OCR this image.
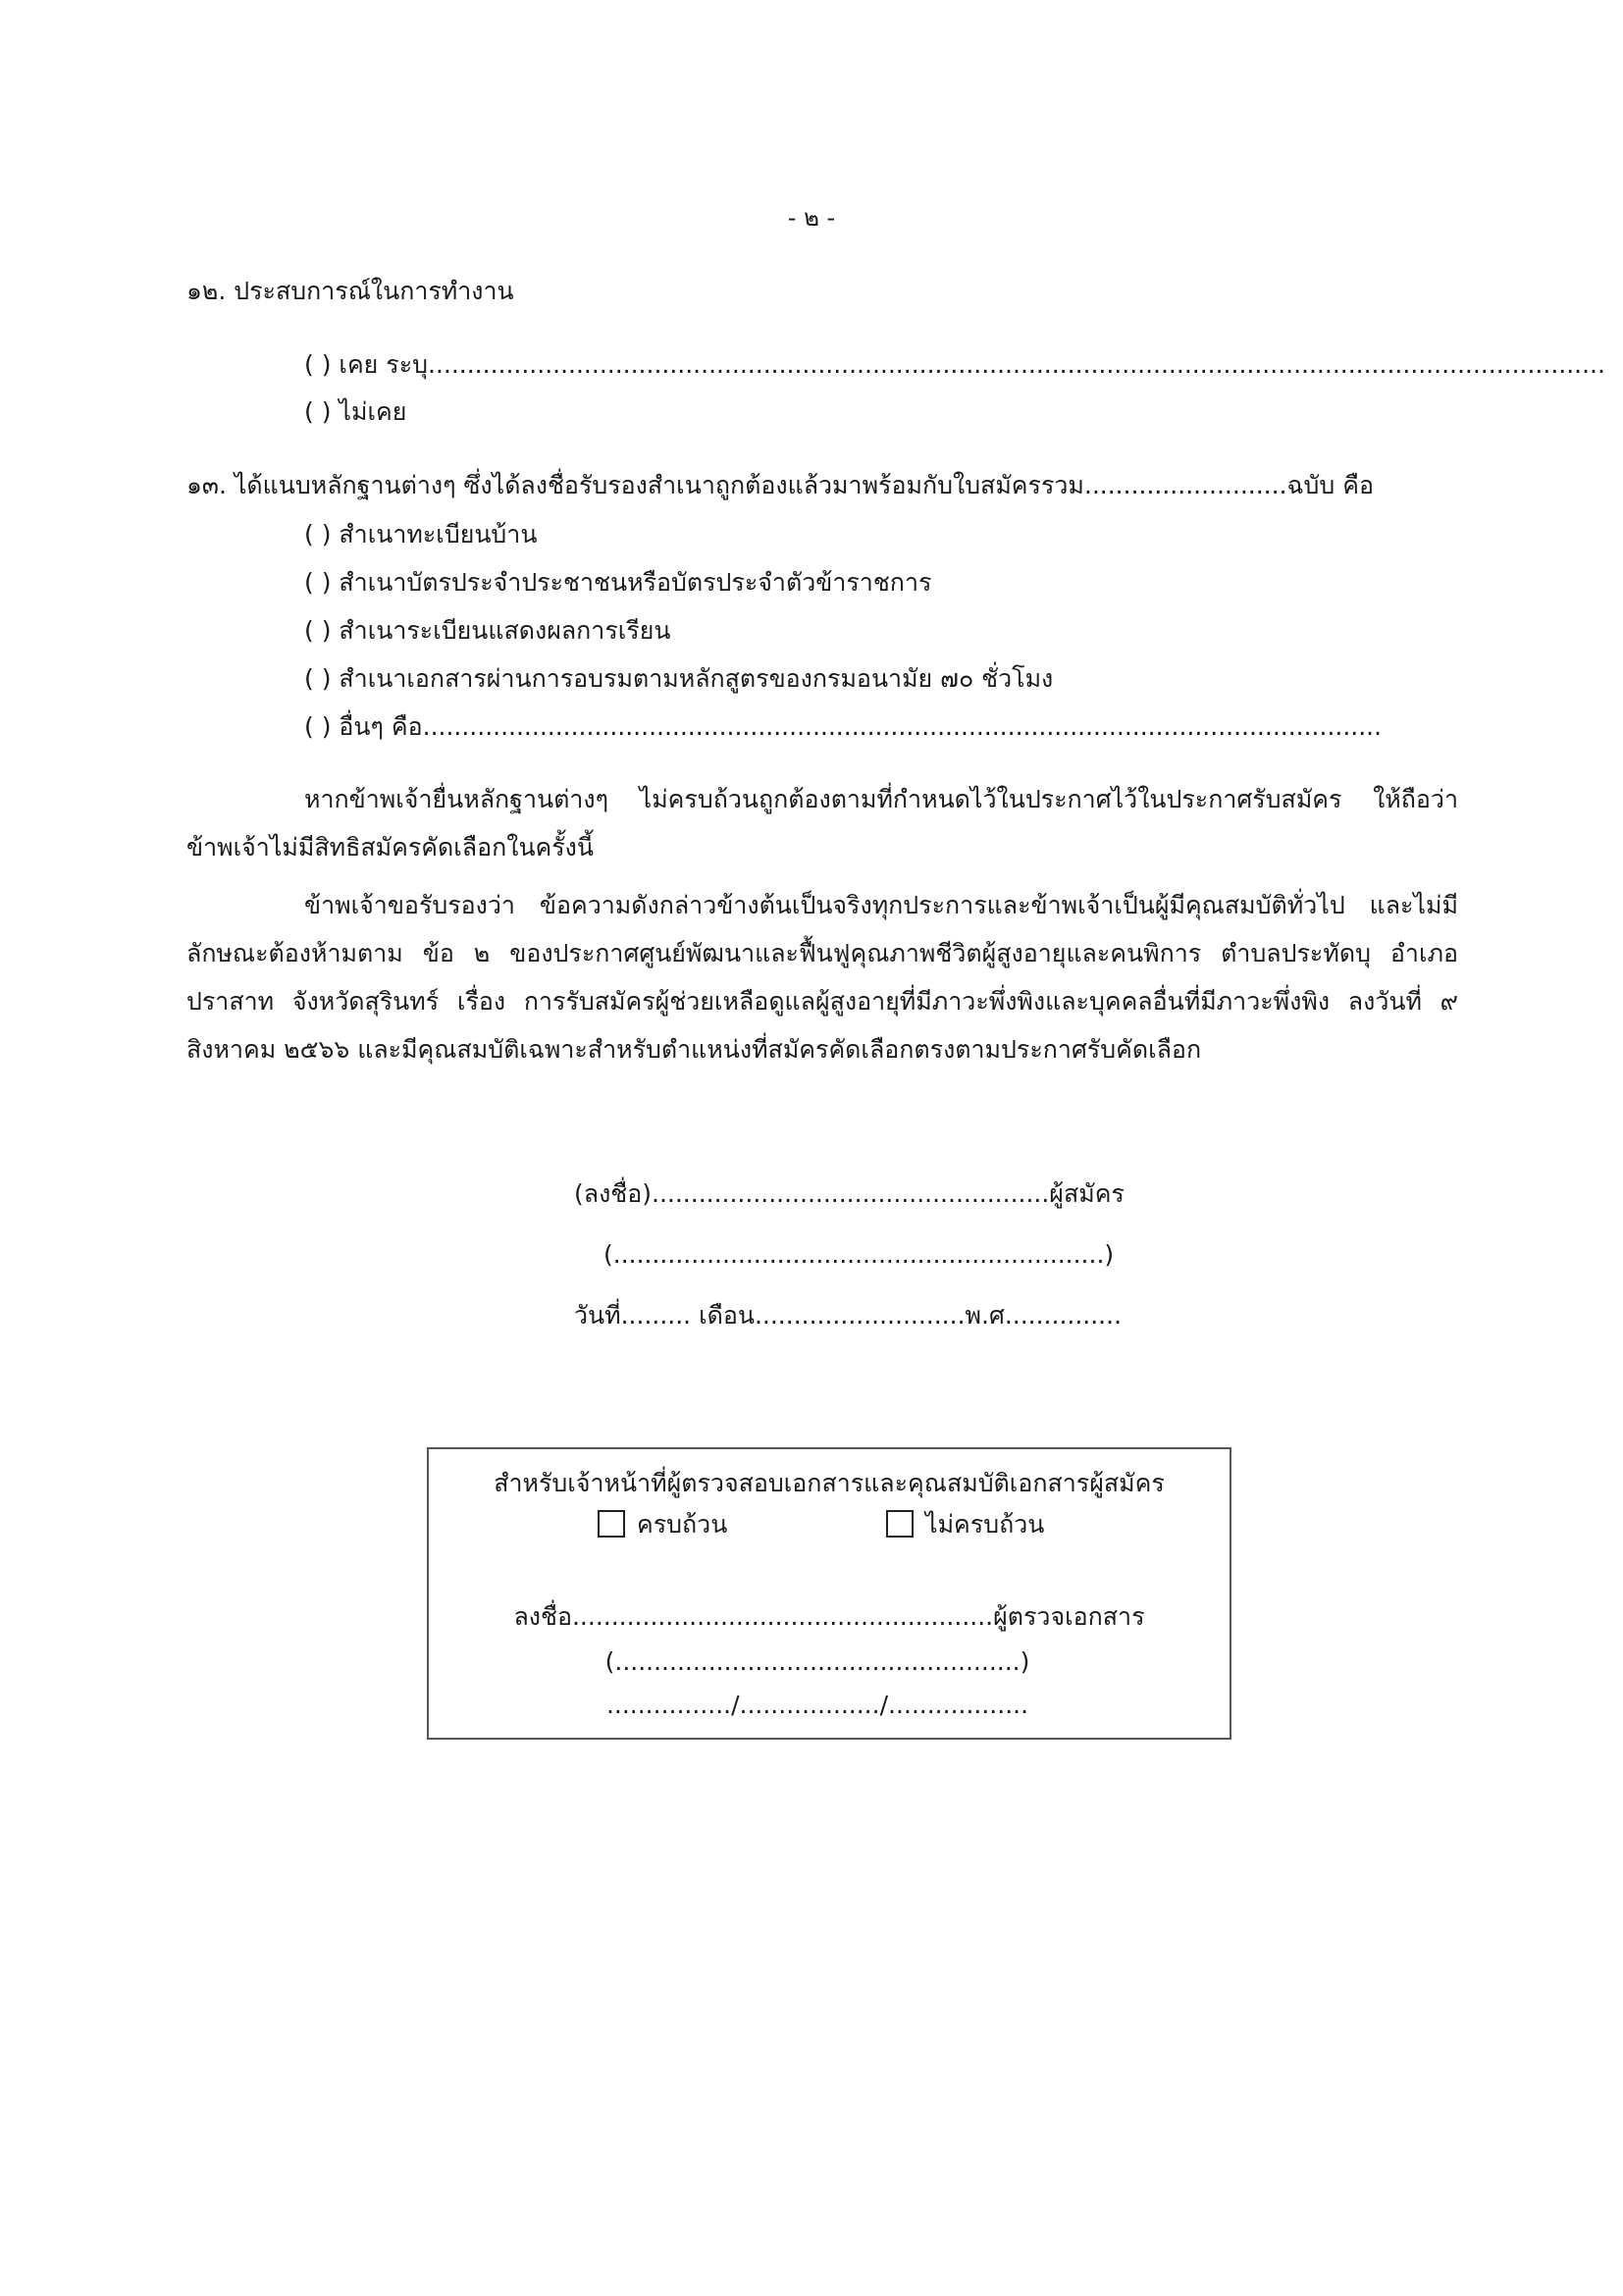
- ๒ -
๑๒. ประสบการณ์ในการทำงาน
( ) เคย ระบุ.......................................................................................................................................................
( ) ไม่เคย
๑๓. ได้แนบหลักฐานต่างๆ ซึ่งได้ลงชื่อรับรองสำเนาถูกต้องแล้วมาพร้อมกับใบสมัครรวม..........................ฉบับ คือ
( ) สำเนาทะเบียนบ้าน
( ) สำเนาบัตรประจำประชาชนหรือบัตรประจำตัวข้าราชการ
( ) สำเนาระเบียนแสดงผลการเรียน
( ) สำเนาเอกสารผ่านการอบรมตามหลักสูตรของกรมอนามัย ๗๐ ชั่วโมง
( ) อื่นๆ คือ...........................................................................................................................
หากข้าพเจ้ายื่นหลักฐานต่างๆ ไม่ครบถ้วนถูกต้องตามที่กำหนดไว้ในประกาศไว้ในประกาศรับสมัคร ให้ถือว่าข้าพเจ้าไม่มีสิทธิสมัครคัดเลือกในครั้งนี้
ข้าพเจ้าขอรับรองว่า ข้อความดังกล่าวข้างต้นเป็นจริงทุกประการและข้าพเจ้าเป็นผู้มีคุณสมบัติทั่วไป และไม่มีลักษณะต้องห้ามตาม ข้อ ๒ ของประกาศศูนย์พัฒนาและฟื้นฟูคุณภาพชีวิตผู้สูงอายุและคนพิการ ตำบลประทัดบุ อำเภอปราสาท จังหวัดสุรินทร์ เรื่อง การรับสมัครผู้ช่วยเหลือดูแลผู้สูงอายุที่มีภาวะพึ่งพิงและบุคคลอื่นที่มีภาวะพึ่งพิง ลงวันที่ ๙ สิงหาคม ๒๕๖๖ และมีคุณสมบัติเฉพาะสำหรับตำแหน่งที่สมัครคัดเลือกตรงตามประกาศรับคัดเลือก
(ลงชื่อ)...................................................ผู้สมัคร
(...............................................................)
วันที่......... เดือน...........................พ.ศ...............
สำหรับเจ้าหน้าที่ผู้ตรวจสอบเอกสารและคุณสมบัติเอกสารผู้สมัคร
ครบถ้วน	ไม่ครบถ้วน
ลงชื่อ......................................................ผู้ตรวจเอกสาร
(....................................................)
................/................../..................
